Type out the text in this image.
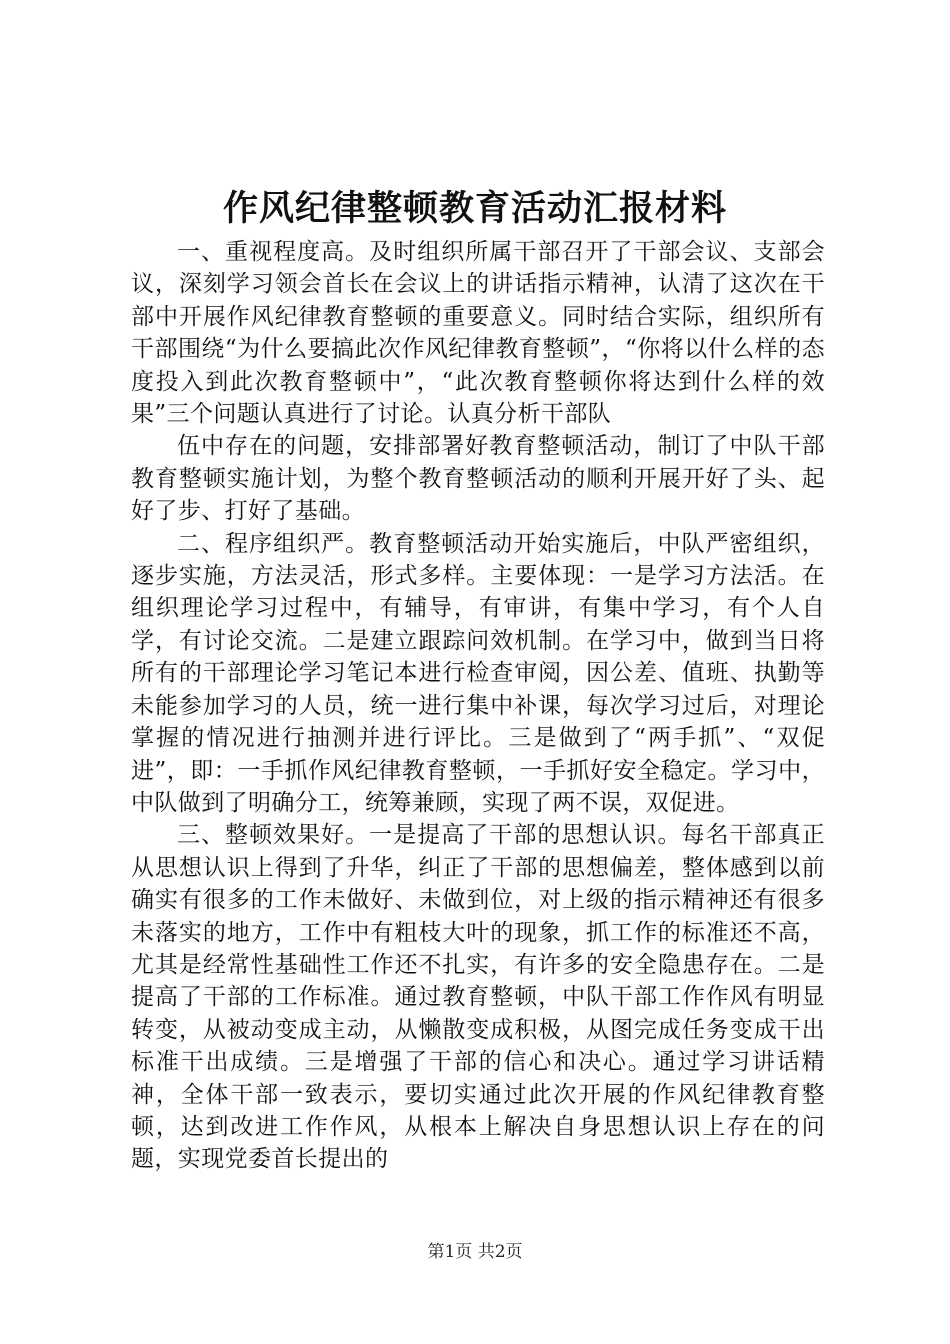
作风纪律整顿教育活动汇报材料

一、重视程度高。及时组织所属干部召开了干部会议、支部会议，深刻学习领会首长在会议上的讲话指示精神，认清了这次在干部中开展作风纪律教育整顿的重要意义。同时结合实际，组织所有干部围绕“为什么要搞此次作风纪律教育整顿”，“你将以什么样的态度投入到此次教育整顿中”，“此次教育整顿你将达到什么样的效果”三个问题认真进行了讨论。认真分析干部队

伍中存在的问题，安排部署好教育整顿活动，制订了中队干部教育整顿实施计划，为整个教育整顿活动的顺利开展开好了头、起好了步、打好了基础。

二、程序组织严。教育整顿活动开始实施后，中队严密组织，逐步实施，方法灵活，形式多样。主要体现：一是学习方法活。在组织理论学习过程中，有辅导，有审讲，有集中学习，有个人自学，有讨论交流。二是建立跟踪问效机制。在学习中，做到当日将所有的干部理论学习笔记本进行检查审阅，因公差、值班、执勤等未能参加学习的人员，统一进行集中补课，每次学习过后，对理论掌握的情况进行抽测并进行评比。三是做到了“两手抓”、“双促进”，即：一手抓作风纪律教育整顿，一手抓好安全稳定。学习中，中队做到了明确分工，统筹兼顾，实现了两不误，双促进。

三、整顿效果好。一是提高了干部的思想认识。每名干部真正从思想认识上得到了升华，纠正了干部的思想偏差，整体感到以前确实有很多的工作未做好、未做到位，对上级的指示精神还有很多未落实的地方，工作中有粗枝大叶的现象，抓工作的标准还不高，尤其是经常性基础性工作还不扎实，有许多的安全隐患存在。二是提高了干部的工作标准。通过教育整顿，中队干部工作作风有明显转变，从被动变成主动，从懒散变成积极，从图完成任务变成干出标准干出成绩。三是增强了干部的信心和决心。通过学习讲话精神，全体干部一致表示，要切实通过此次开展的作风纪律教育整顿，达到改进工作作风，从根本上解决自身思想认识上存在的问题，实现党委首长提出的

第1页 共2页
